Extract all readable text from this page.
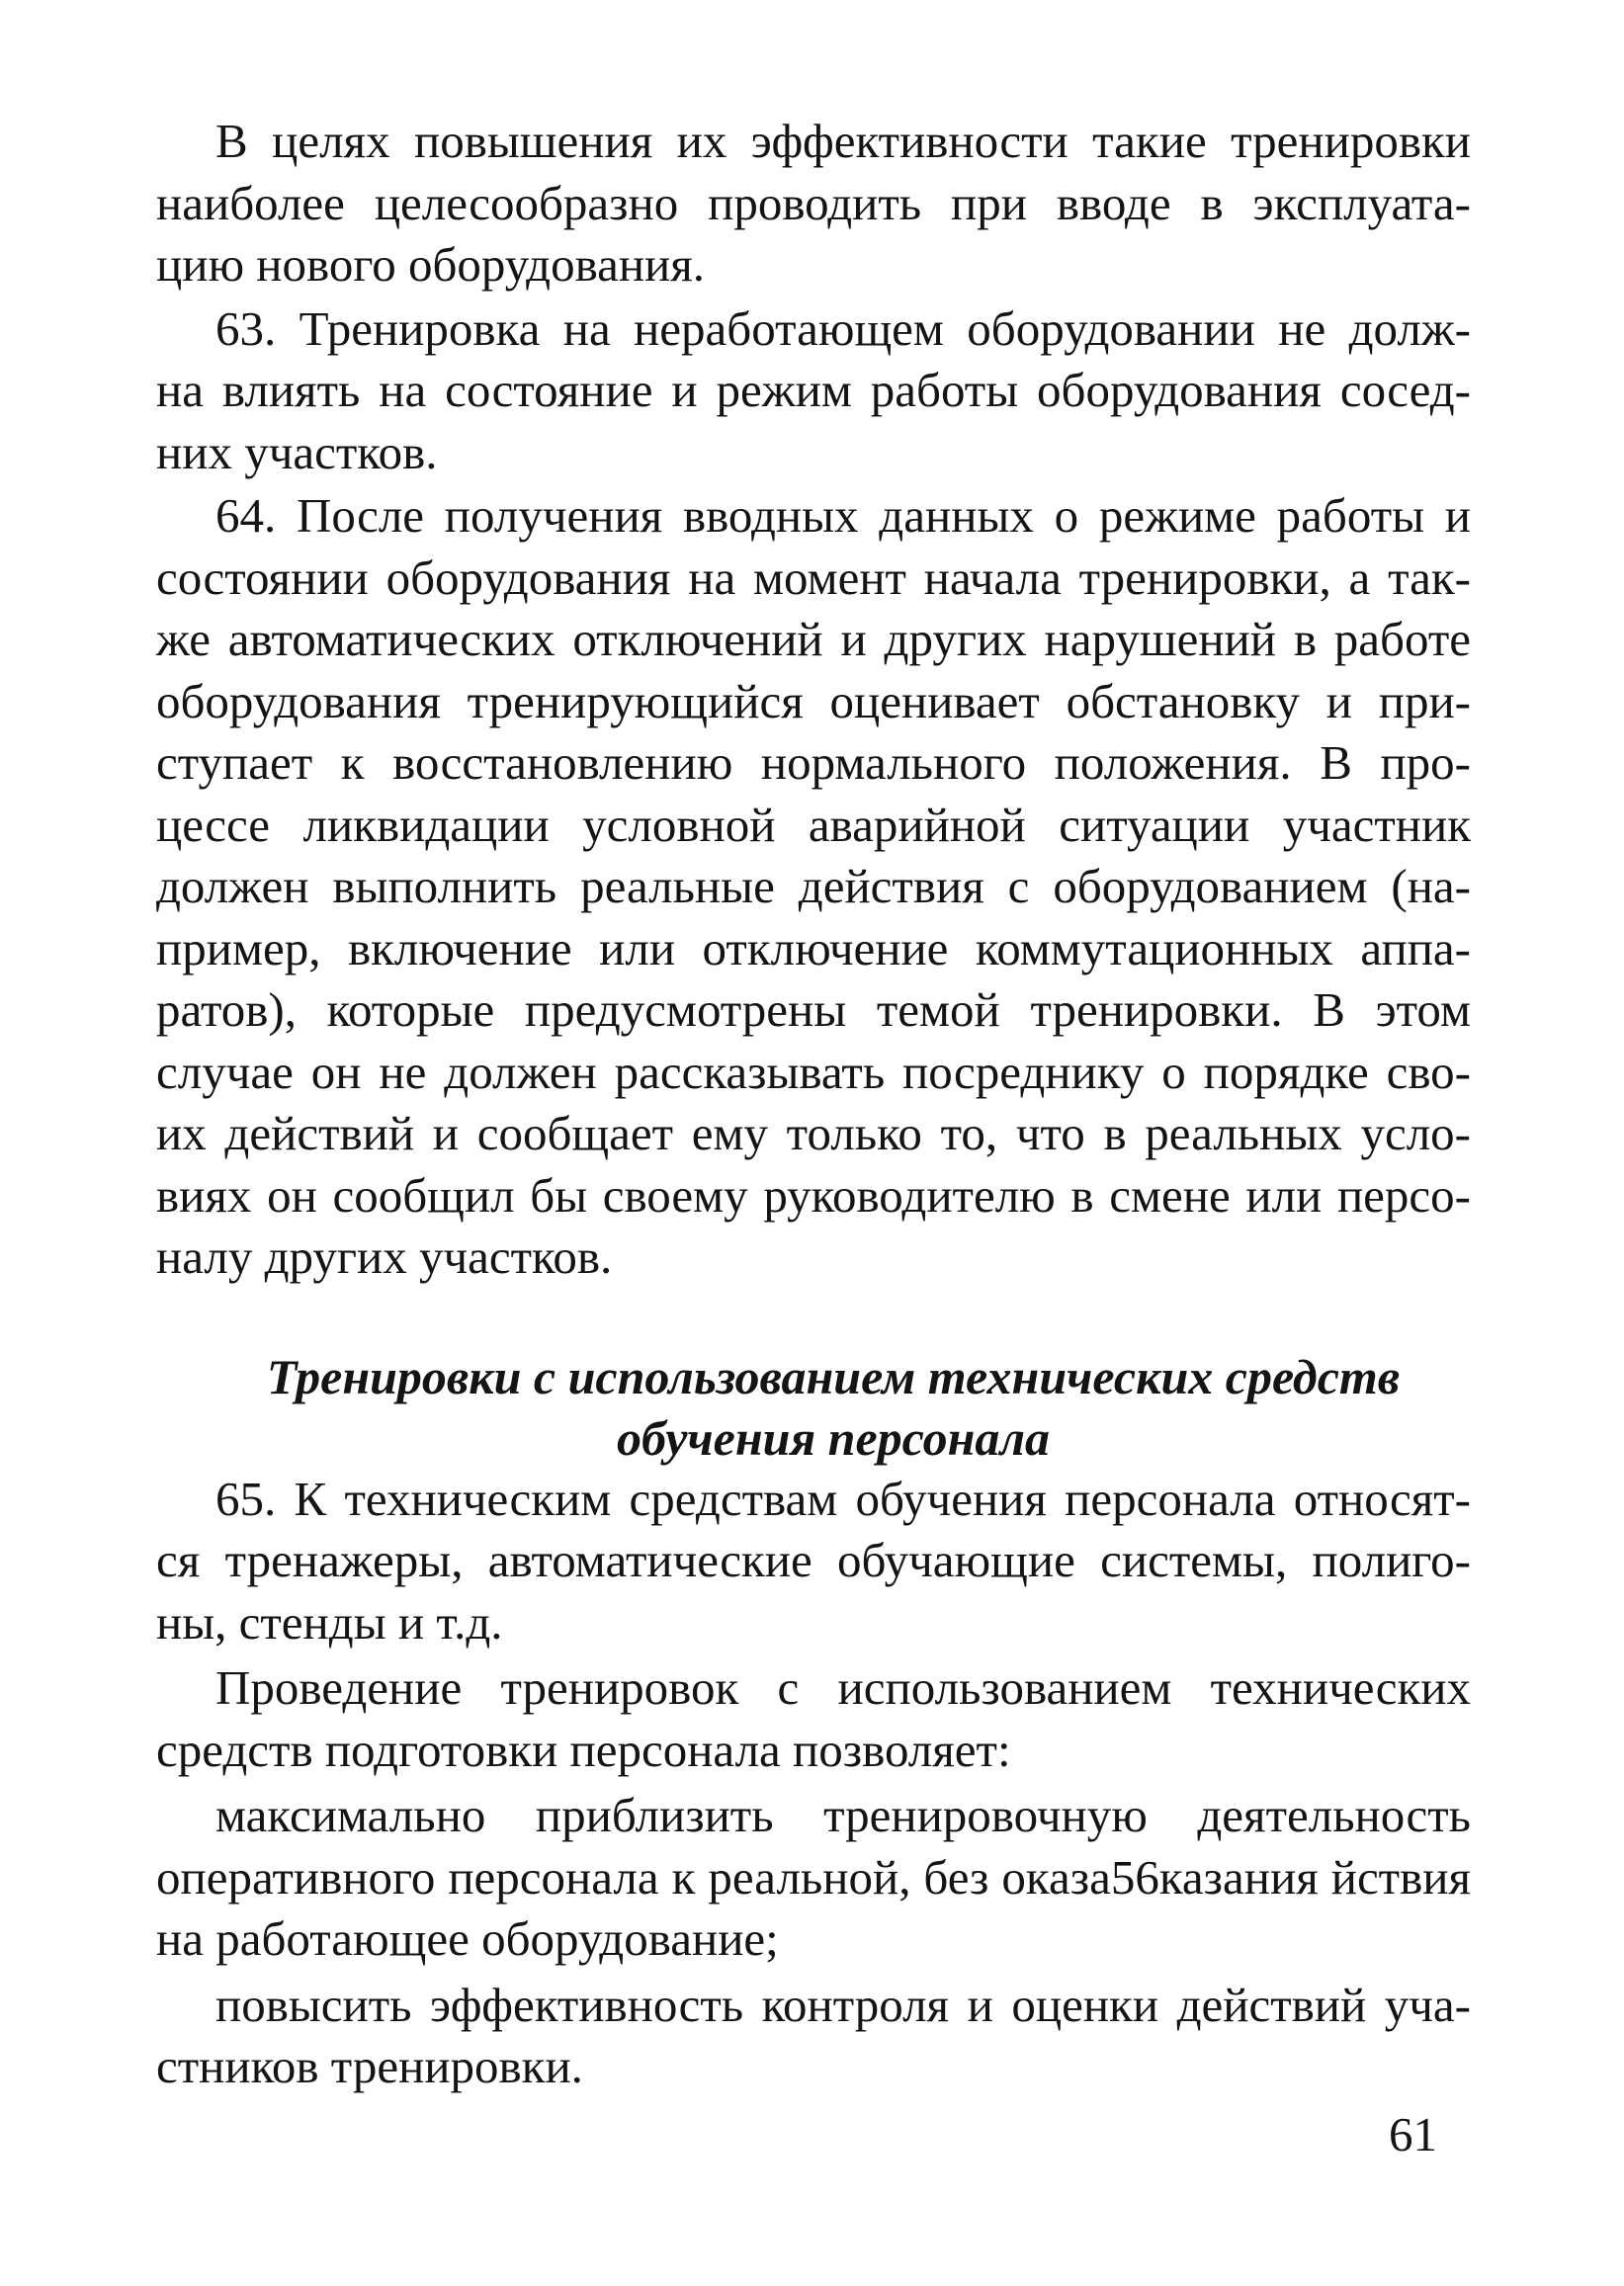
В целях повышения их эффективности такие тренировки
наиболее целесообразно проводить при вводе в эксплуата-
цию нового оборудования.

63. Тренировка на неработающем оборудовании не долж-
на влиять на состояние и режим работы оборудования сосед-
них участков.

64. После получения вводных данных о режиме работы и
состоянии оборудования на момент начала тренировки, а так-
же автоматических отключений и других нарушений в работе
оборудования тренирующийся оценивает обстановку и при-
ступает к восстановлению нормального положения. В про-
цессе ликвидации условной аварийной ситуации участник
должен выполнить реальные действия с оборудованием (на-
пример, включение или отключение коммутационных аппа-
ратов), которые предусмотрены темой тренировки. В этом
случае он не должен рассказывать посреднику о порядке сво-
их действий и сообщает ему только то, что в реальных усло-
виях он сообщил бы своему руководителю в смене или персо-
налу других участков.

Тренировки с использованием технических средств

обучения персонала

65. К техническим средствам обучения персонала относят-
ся тренажеры, автоматические обучающие системы, полиго-
ны, стенды и т.д.

Проведение тренировок с использованием технических
средств подготовки персонала позволяет:

максимально приблизить тренировочную деятельность
оперативного персонала к реальной, без оказа56казания йствия
на работающее оборудование;

повысить эффективность контроля и оценки действий уча-
стников тренировки.

61
